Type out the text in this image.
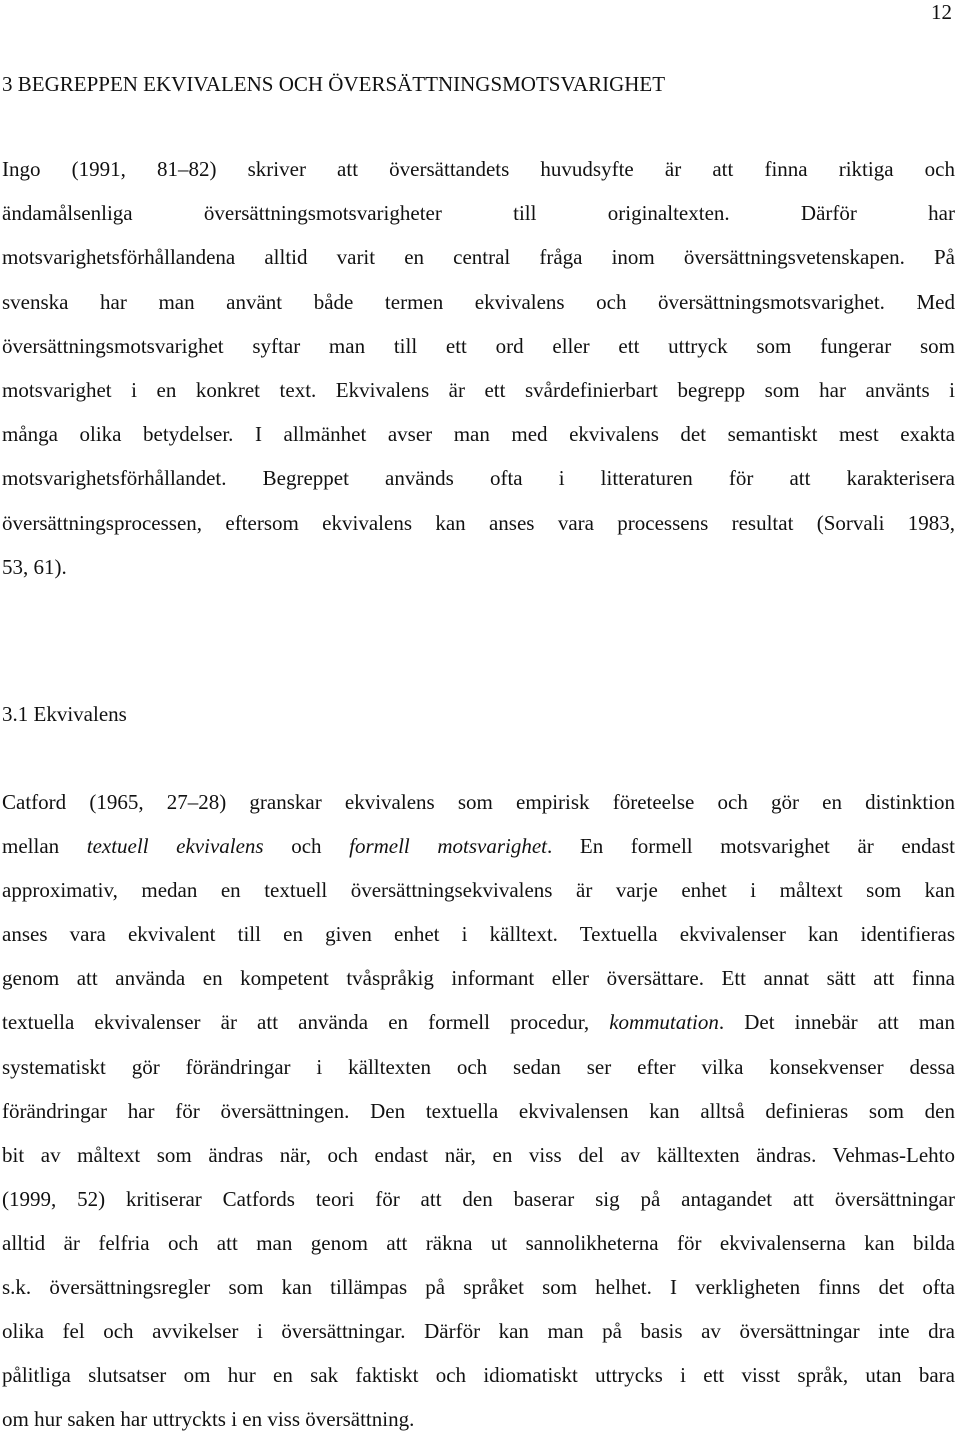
12
3 BEGREPPEN EKVIVALENS OCH ÖVERSÄTTNINGSMOTSVARIGHET
Ingo (1991, 81–82) skriver att översättandets huvudsyfte är att finna riktiga och
ändamålsenliga översättningsmotsvarigheter till originaltexten. Därför har
motsvarighetsförhållandena alltid varit en central fråga inom översättningsvetenskapen. På
svenska har man använt både termen ekvivalens och översättningsmotsvarighet. Med
översättningsmotsvarighet syftar man till ett ord eller ett uttryck som fungerar som
motsvarighet i en konkret text. Ekvivalens är ett svårdefinierbart begrepp som har använts i
många olika betydelser. I allmänhet avser man med ekvivalens det semantiskt mest exakta
motsvarighetsförhållandet. Begreppet används ofta i litteraturen för att karakterisera
översättningsprocessen, eftersom ekvivalens kan anses vara processens resultat (Sorvali 1983,
53, 61).
3.1 Ekvivalens
Catford (1965, 27–28) granskar ekvivalens som empirisk företeelse och gör en distinktion
mellan textuell ekvivalens och formell motsvarighet. En formell motsvarighet är endast
approximativ, medan en textuell översättningsekvivalens är varje enhet i måltext som kan
anses vara ekvivalent till en given enhet i källtext. Textuella ekvivalenser kan identifieras
genom att använda en kompetent tvåspråkig informant eller översättare. Ett annat sätt att finna
textuella ekvivalenser är att använda en formell procedur, kommutation. Det innebär att man
systematiskt gör förändringar i källtexten och sedan ser efter vilka konsekvenser dessa
förändringar har för översättningen. Den textuella ekvivalensen kan alltså definieras som den
bit av måltext som ändras när, och endast när, en viss del av källtexten ändras. Vehmas-Lehto
(1999, 52) kritiserar Catfords teori för att den baserar sig på antagandet att översättningar
alltid är felfria och att man genom att räkna ut sannolikheterna för ekvivalenserna kan bilda
s.k. översättningsregler som kan tillämpas på språket som helhet. I verkligheten finns det ofta
olika fel och avvikelser i översättningar. Därför kan man på basis av översättningar inte dra
pålitliga slutsatser om hur en sak faktiskt och idiomatiskt uttrycks i ett visst språk, utan bara
om hur saken har uttryckts i en viss översättning.
